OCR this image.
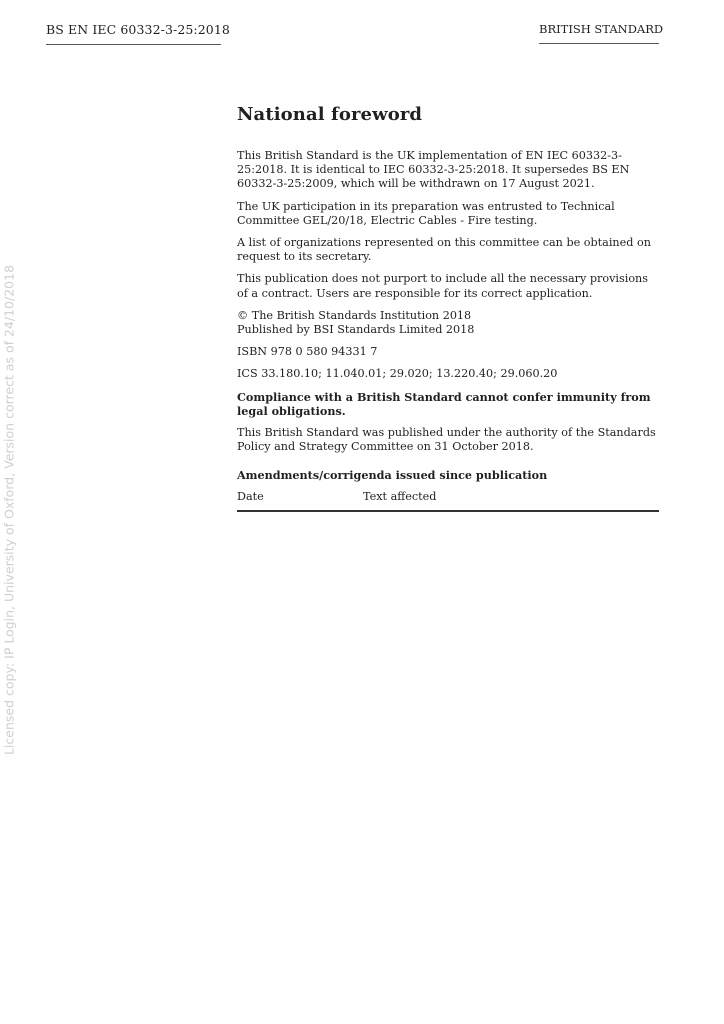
BS EN IEC 60332-3-25:2018	BRITISH STANDARD
Licensed copy: IP Login, University of Oxford, Version correct as of 24/10/2018
National foreword

This British Standard is the UK implementation of EN IEC 60332-3-25:2018. It is identical to IEC 60332-3-25:2018. It supersedes BS EN 60332-3-25:2009, which will be withdrawn on 17 August 2021.

The UK participation in its preparation was entrusted to Technical Committee GEL/20/18, Electric Cables - Fire testing.

A list of organizations represented on this committee can be obtained on request to its secretary.

This publication does not purport to include all the necessary provisions of a contract. Users are responsible for its correct application.

© The British Standards Institution 2018
Published by BSI Standards Limited 2018

ISBN 978 0 580 94331 7

ICS 33.180.10; 11.040.01; 29.020; 13.220.40; 29.060.20

Compliance with a British Standard cannot confer immunity from legal obligations.

This British Standard was published under the authority of the Standards Policy and Strategy Committee on 31 October 2018.

Amendments/corrigenda issued since publication
Date	Text affected
